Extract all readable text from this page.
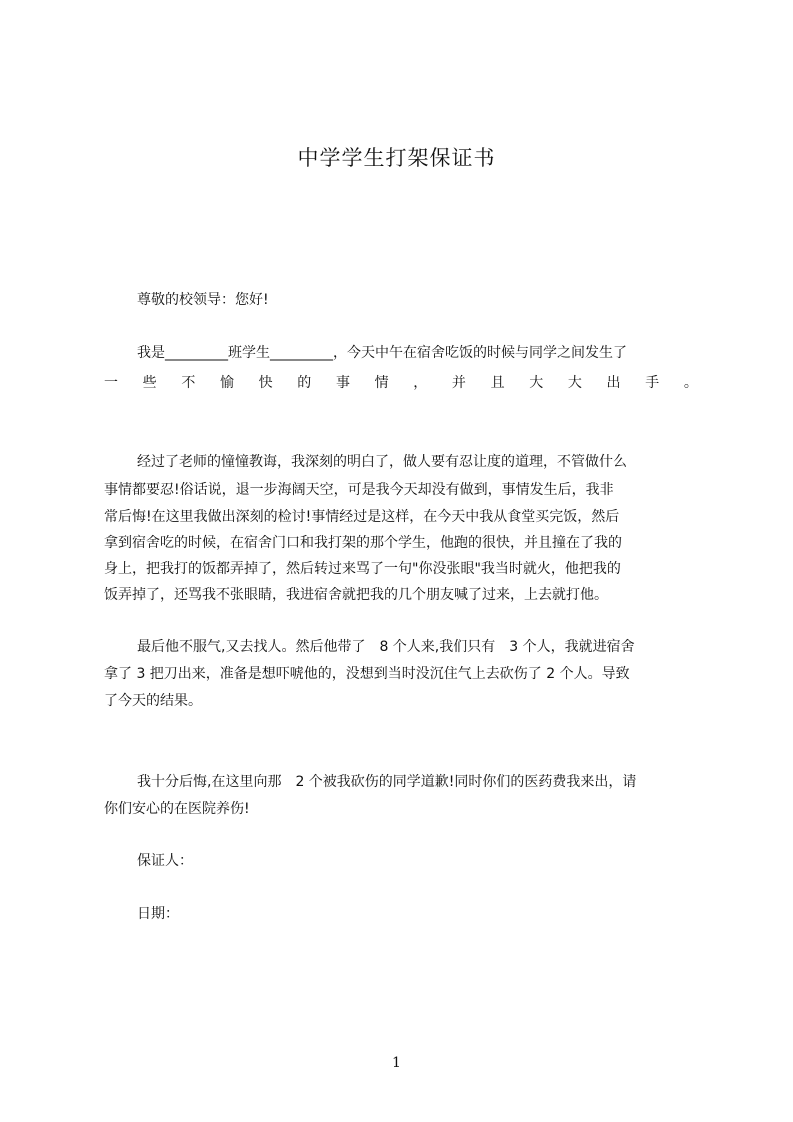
中学学生打架保证书
尊敬的校领导：您好!
我是_________班学生_________，今天中午在宿舍吃饭的时候与同学之间发生了
一 些 不 愉 快 的 事 情 ， 并 且 大 大 出 手 。
经过了老师的憧憧教诲，我深刻的明白了，做人要有忍让度的道理，不管做什么
事情都要忍!俗话说，退一步海阔天空，可是我今天却没有做到，事情发生后，我非
常后悔!在这里我做出深刻的检讨!事情经过是这样，在今天中我从食堂买完饭，然后
拿到宿舍吃的时候，在宿舍门口和我打架的那个学生，他跑的很快，并且撞在了我的
身上，把我打的饭都弄掉了，然后转过来骂了一句"你没张眼"我当时就火，他把我的
饭弄掉了，还骂我不张眼睛，我进宿舍就把我的几个朋友喊了过来，上去就打他。
最后他不服气,又去找人。然后他带了　8 个人来,我们只有　3 个人，我就进宿舍
拿了 3 把刀出来，准备是想吓唬他的，没想到当时没沉住气上去砍伤了 2 个人。导致
了今天的结果。
我十分后悔,在这里向那　2 个被我砍伤的同学道歉!同时你们的医药费我来出，请
你们安心的在医院养伤!
保证人：
日期：
1
